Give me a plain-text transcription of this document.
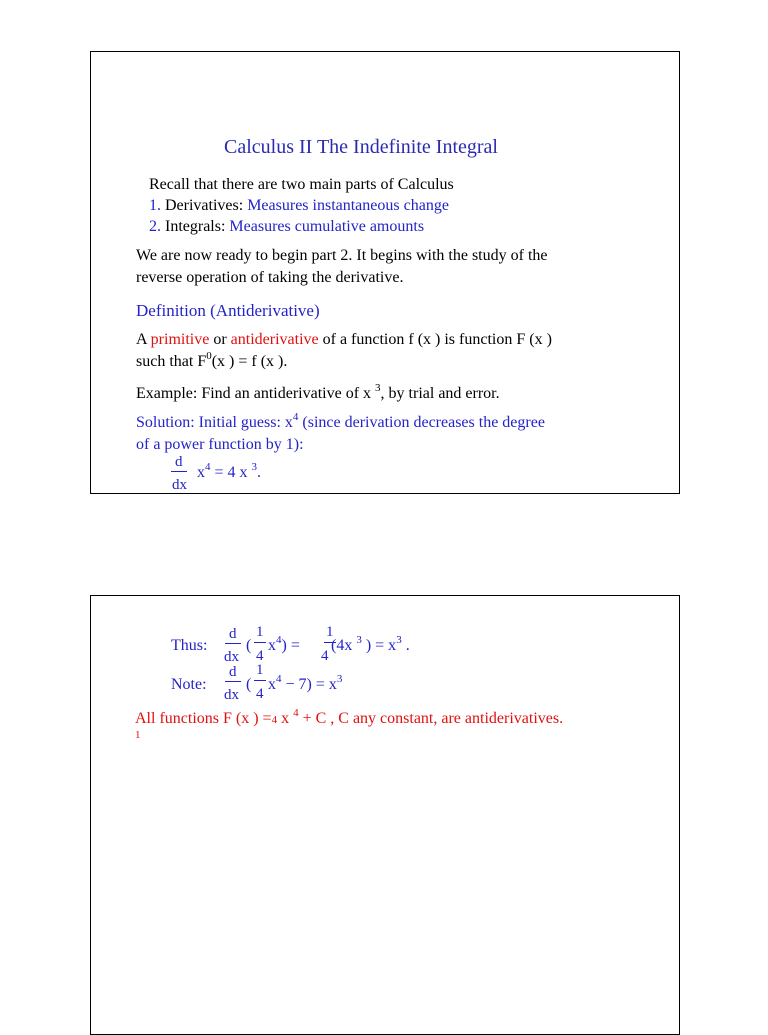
Calculus II The Indefinite Integral
Recall that there are two main parts of Calculus
1. Derivatives: Measures instantaneous change
2. Integrals: Measures cumulative amounts
We are now ready to begin part 2. It begins with the study of the
reverse operation of taking the derivative.
Definition (Antiderivative)
A primitive or antiderivative of a function f (x ) is function F (x )
such that $F^0(x$ ) = f (x ).
Example: Find an antiderivative of x $^3$, by trial and error.
Solution: Initial guess: $x^4$ (since derivation decreases the degree
of a power function by 1):
d
dx
$x^4 = 4$ x $^3$.
Thus:
d
dx
(
1
4
$x^4$) =
1
4
(4x $^3$ ) = $x^3$ .
Note:
d
dx
(
1
4
$x^4 - 7) = x^3$
All functions F (x ) =4 x $^4$ + C , C any constant, are antiderivatives.
1
